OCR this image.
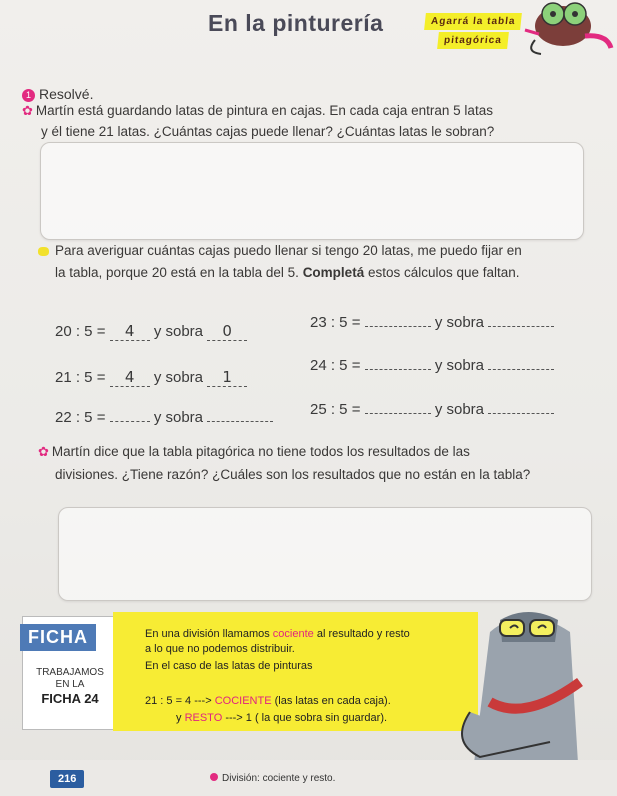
En la pinturería	Agarrá la tabla
pitagórica
1 Resolvé.
✿ Martín está guardando latas de pintura en cajas. En cada caja entran 5 latas
y él tiene 21 latas. ¿Cuántas cajas puede llenar? ¿Cuántas latas le sobran?
Para averiguar cuántas cajas puedo llenar si tengo 20 latas, me puedo fijar en
la tabla, porque 20 está en la tabla del 5. Completá estos cálculos que faltan.
20 : 5 = 4 y sobra 0
21 : 5 = 4 y sobra 1
22 : 5 =	y sobra
23 : 5 =	y sobra
24 : 5 =	y sobra
25 : 5 =	y sobra
✿ Martín dice que la tabla pitagórica no tiene todos los resultados de las
divisiones. ¿Tiene razón? ¿Cuáles son los resultados que no están en la tabla?
FICHA
TRABAJAMOS
EN LA
FICHA 24
En una división llamamos cociente al resultado y resto
a lo que no podemos distribuir.
En el caso de las latas de pinturas
21 : 5 = 4 ---> COCIENTE (las latas en cada caja).
y RESTO ---> 1 ( la que sobra sin guardar).
216	División: cociente y resto.
